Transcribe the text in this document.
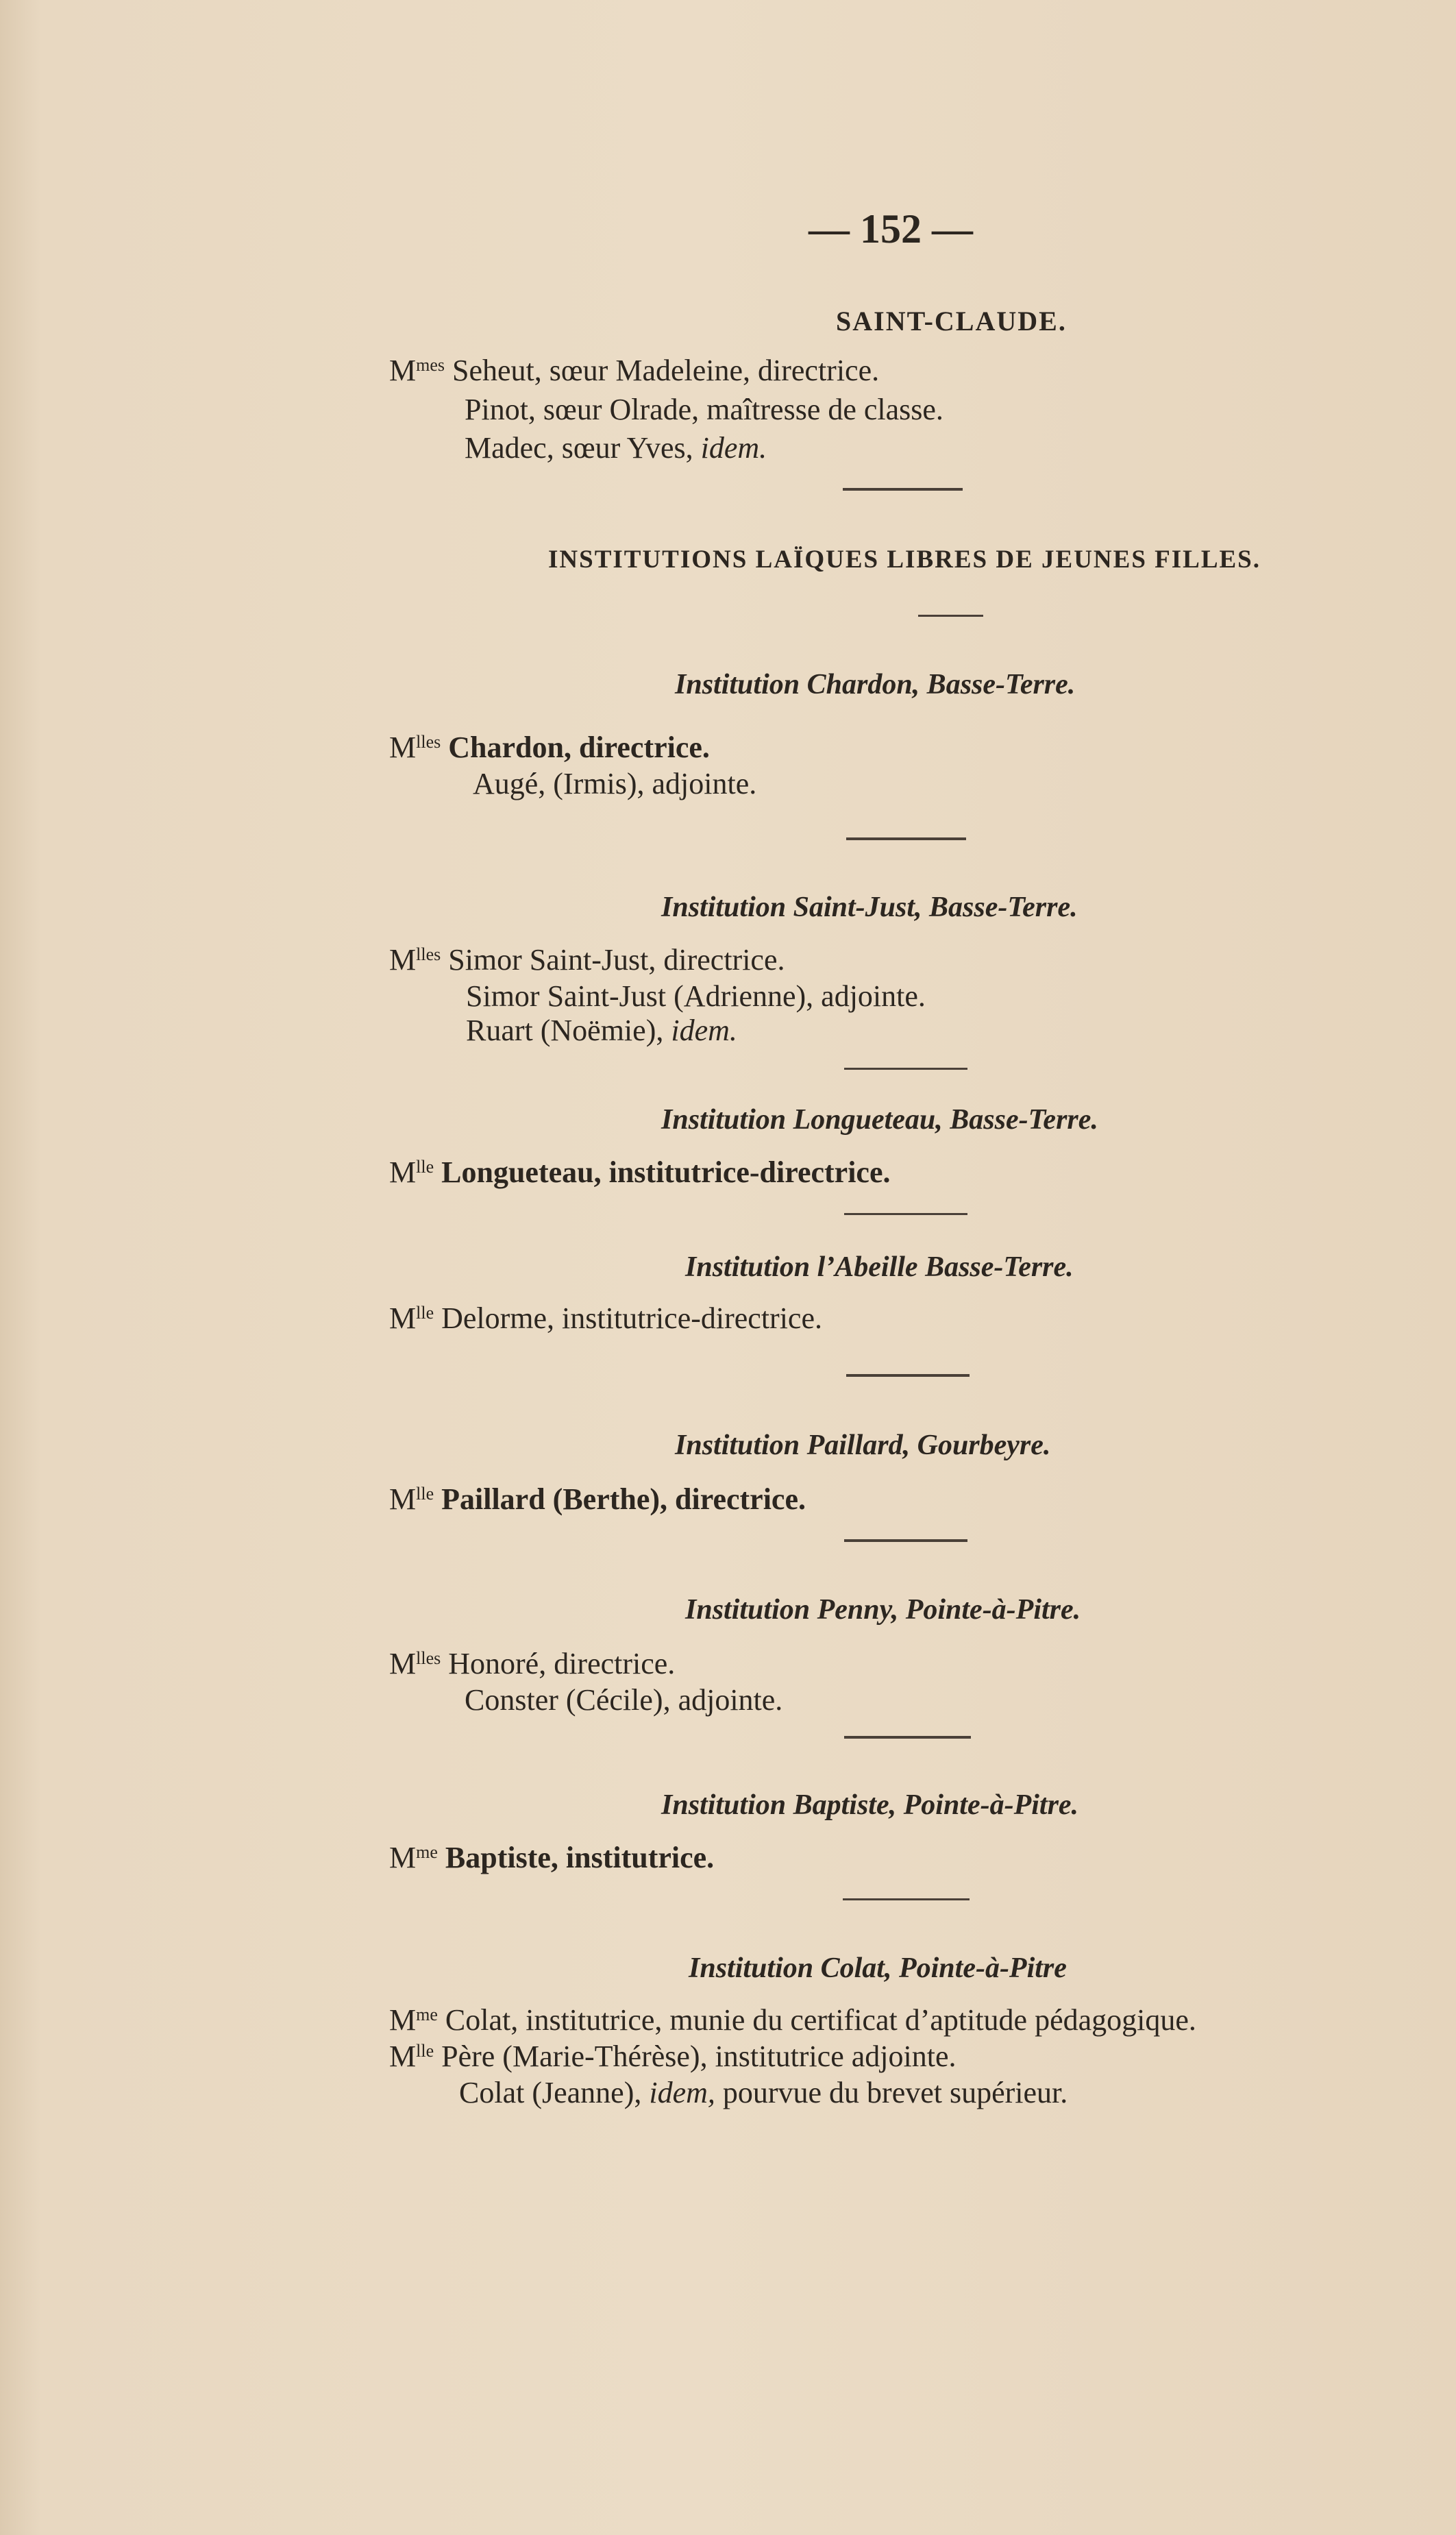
— 152 —
SAINT-CLAUDE.
$M^{mes}$ Seheut, sœur Madeleine, directrice.
Pinot, sœur Olrade, maîtresse de classe.
Madec, sœur Yves, idem.
INSTITUTIONS LAÏQUES LIBRES DE JEUNES FILLES.
Institution Chardon, Basse-Terre.
$M^{lles}$ Chardon, directrice.
Augé, (Irmis), adjointe.
Institution Saint-Just, Basse-Terre.
$M^{lles}$ Simor Saint-Just, directrice.
Simor Saint-Just (Adrienne), adjointe.
Ruart (Noëmie), idem.
Institution Longueteau, Basse-Terre.
$M^{lle}$ Longueteau, institutrice-directrice.
Institution l’Abeille Basse-Terre.
$M^{lle}$ Delorme, institutrice-directrice.
Institution Paillard, Gourbeyre.
$M^{lle}$ Paillard (Berthe), directrice.
Institution Penny, Pointe-à-Pitre.
$M^{lles}$ Honoré, directrice.
Conster (Cécile), adjointe.
Institution Baptiste, Pointe-à-Pitre.
$M^{me}$ Baptiste, institutrice.
Institution Colat, Pointe-à-Pitre
$M^{me}$ Colat, institutrice, munie du certificat d’aptitude pédagogique.
$M^{lle}$ Père (Marie-Thérèse), institutrice adjointe.
Colat (Jeanne), idem, pourvue du brevet supérieur.
